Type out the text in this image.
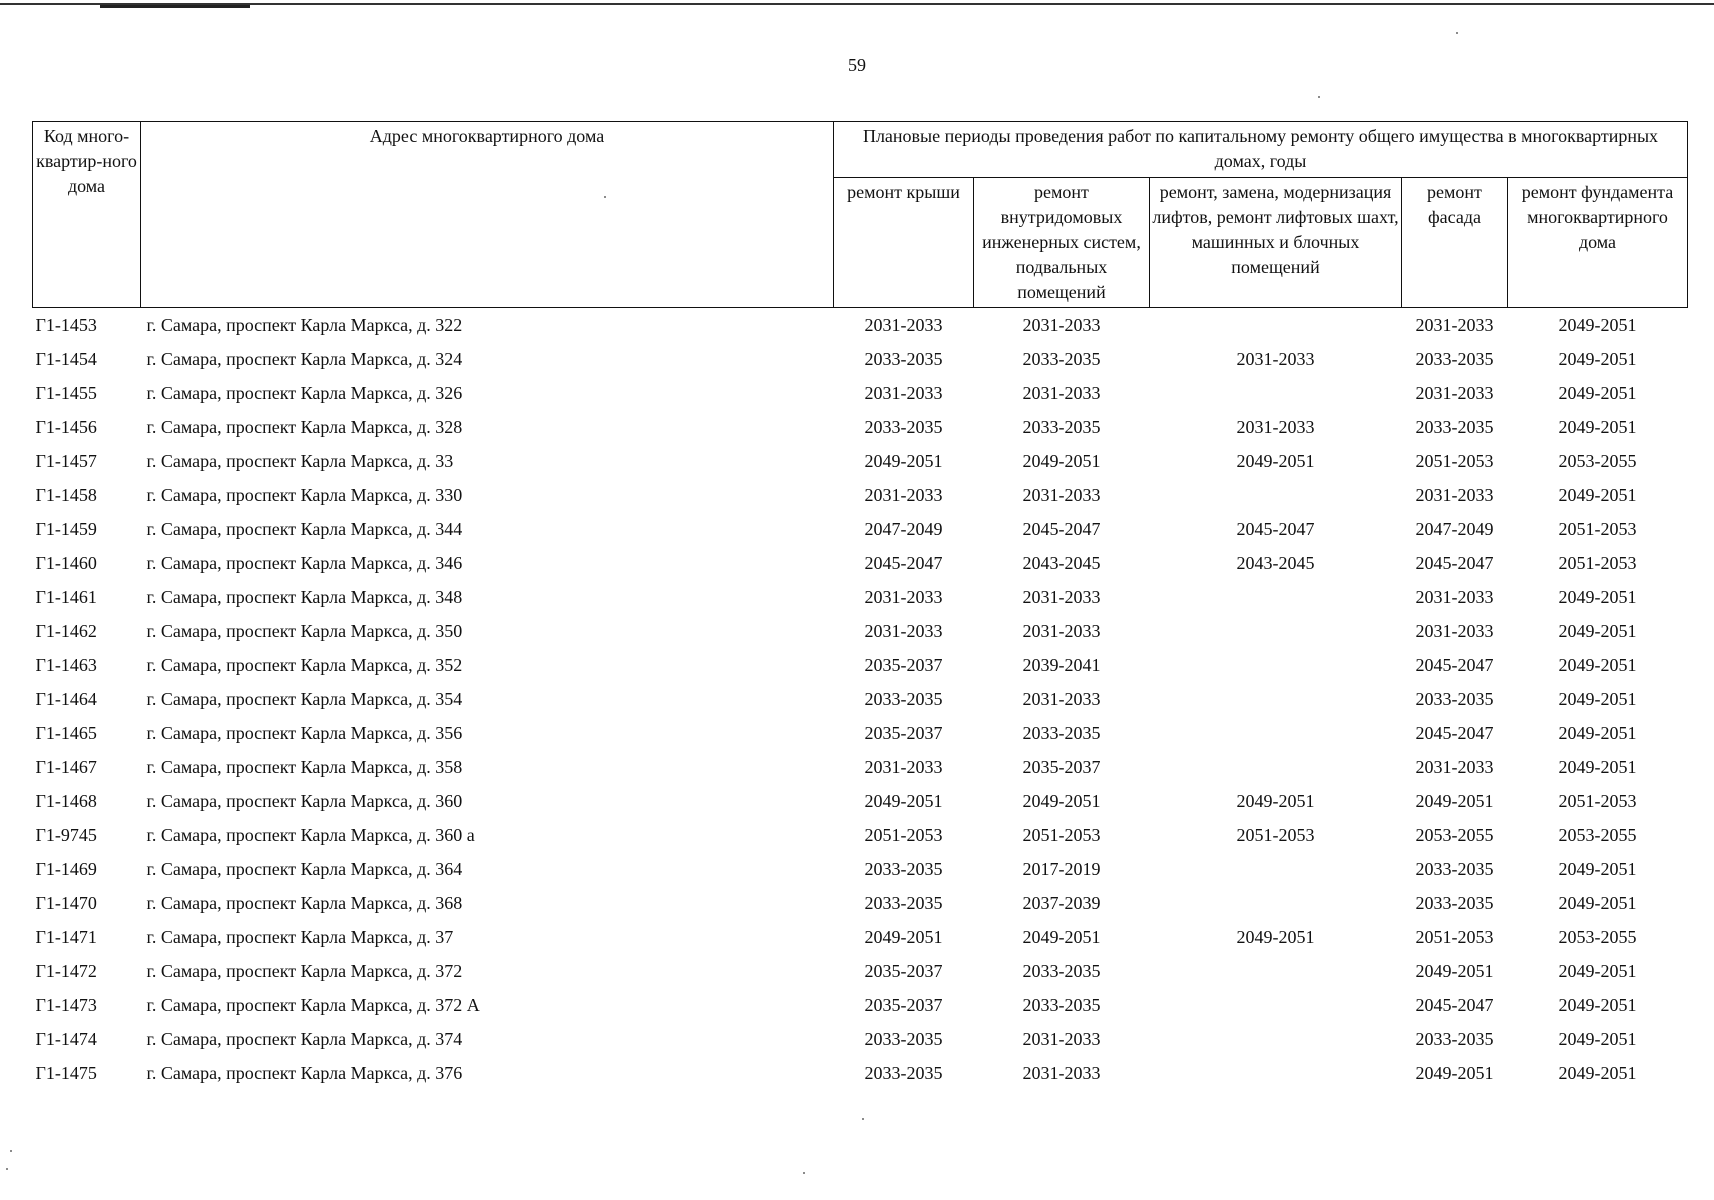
59
Код много-квартир-ного дома	Адрес многоквартирного дома	Плановые периоды проведения работ по капитальному ремонту общего имущества в многоквартирных домах, годы				
		ремонт крыши	ремонт внутридомовых инженерных систем, подвальных помещений	ремонт, замена, модернизация лифтов, ремонт лифтовых шахт, машинных и блочных помещений	ремонт фасада	ремонт фундамента многоквартирного дома
Г1-1453	г. Самара, проспект Карла Маркса, д. 322	2031-2033	2031-2033		2031-2033	2049-2051
Г1-1454	г. Самара, проспект Карла Маркса, д. 324	2033-2035	2033-2035	2031-2033	2033-2035	2049-2051
Г1-1455	г. Самара, проспект Карла Маркса, д. 326	2031-2033	2031-2033		2031-2033	2049-2051
Г1-1456	г. Самара, проспект Карла Маркса, д. 328	2033-2035	2033-2035	2031-2033	2033-2035	2049-2051
Г1-1457	г. Самара, проспект Карла Маркса, д. 33	2049-2051	2049-2051	2049-2051	2051-2053	2053-2055
Г1-1458	г. Самара, проспект Карла Маркса, д. 330	2031-2033	2031-2033		2031-2033	2049-2051
Г1-1459	г. Самара, проспект Карла Маркса, д. 344	2047-2049	2045-2047	2045-2047	2047-2049	2051-2053
Г1-1460	г. Самара, проспект Карла Маркса, д. 346	2045-2047	2043-2045	2043-2045	2045-2047	2051-2053
Г1-1461	г. Самара, проспект Карла Маркса, д. 348	2031-2033	2031-2033		2031-2033	2049-2051
Г1-1462	г. Самара, проспект Карла Маркса, д. 350	2031-2033	2031-2033		2031-2033	2049-2051
Г1-1463	г. Самара, проспект Карла Маркса, д. 352	2035-2037	2039-2041		2045-2047	2049-2051
Г1-1464	г. Самара, проспект Карла Маркса, д. 354	2033-2035	2031-2033		2033-2035	2049-2051
Г1-1465	г. Самара, проспект Карла Маркса, д. 356	2035-2037	2033-2035		2045-2047	2049-2051
Г1-1467	г. Самара, проспект Карла Маркса, д. 358	2031-2033	2035-2037		2031-2033	2049-2051
Г1-1468	г. Самара, проспект Карла Маркса, д. 360	2049-2051	2049-2051	2049-2051	2049-2051	2051-2053
Г1-9745	г. Самара, проспект Карла Маркса, д. 360 а	2051-2053	2051-2053	2051-2053	2053-2055	2053-2055
Г1-1469	г. Самара, проспект Карла Маркса, д. 364	2033-2035	2017-2019		2033-2035	2049-2051
Г1-1470	г. Самара, проспект Карла Маркса, д. 368	2033-2035	2037-2039		2033-2035	2049-2051
Г1-1471	г. Самара, проспект Карла Маркса, д. 37	2049-2051	2049-2051	2049-2051	2051-2053	2053-2055
Г1-1472	г. Самара, проспект Карла Маркса, д. 372	2035-2037	2033-2035		2049-2051	2049-2051
Г1-1473	г. Самара, проспект Карла Маркса, д. 372 А	2035-2037	2033-2035		2045-2047	2049-2051
Г1-1474	г. Самара, проспект Карла Маркса, д. 374	2033-2035	2031-2033		2033-2035	2049-2051
Г1-1475	г. Самара, проспект Карла Маркса, д. 376	2033-2035	2031-2033		2049-2051	2049-2051
